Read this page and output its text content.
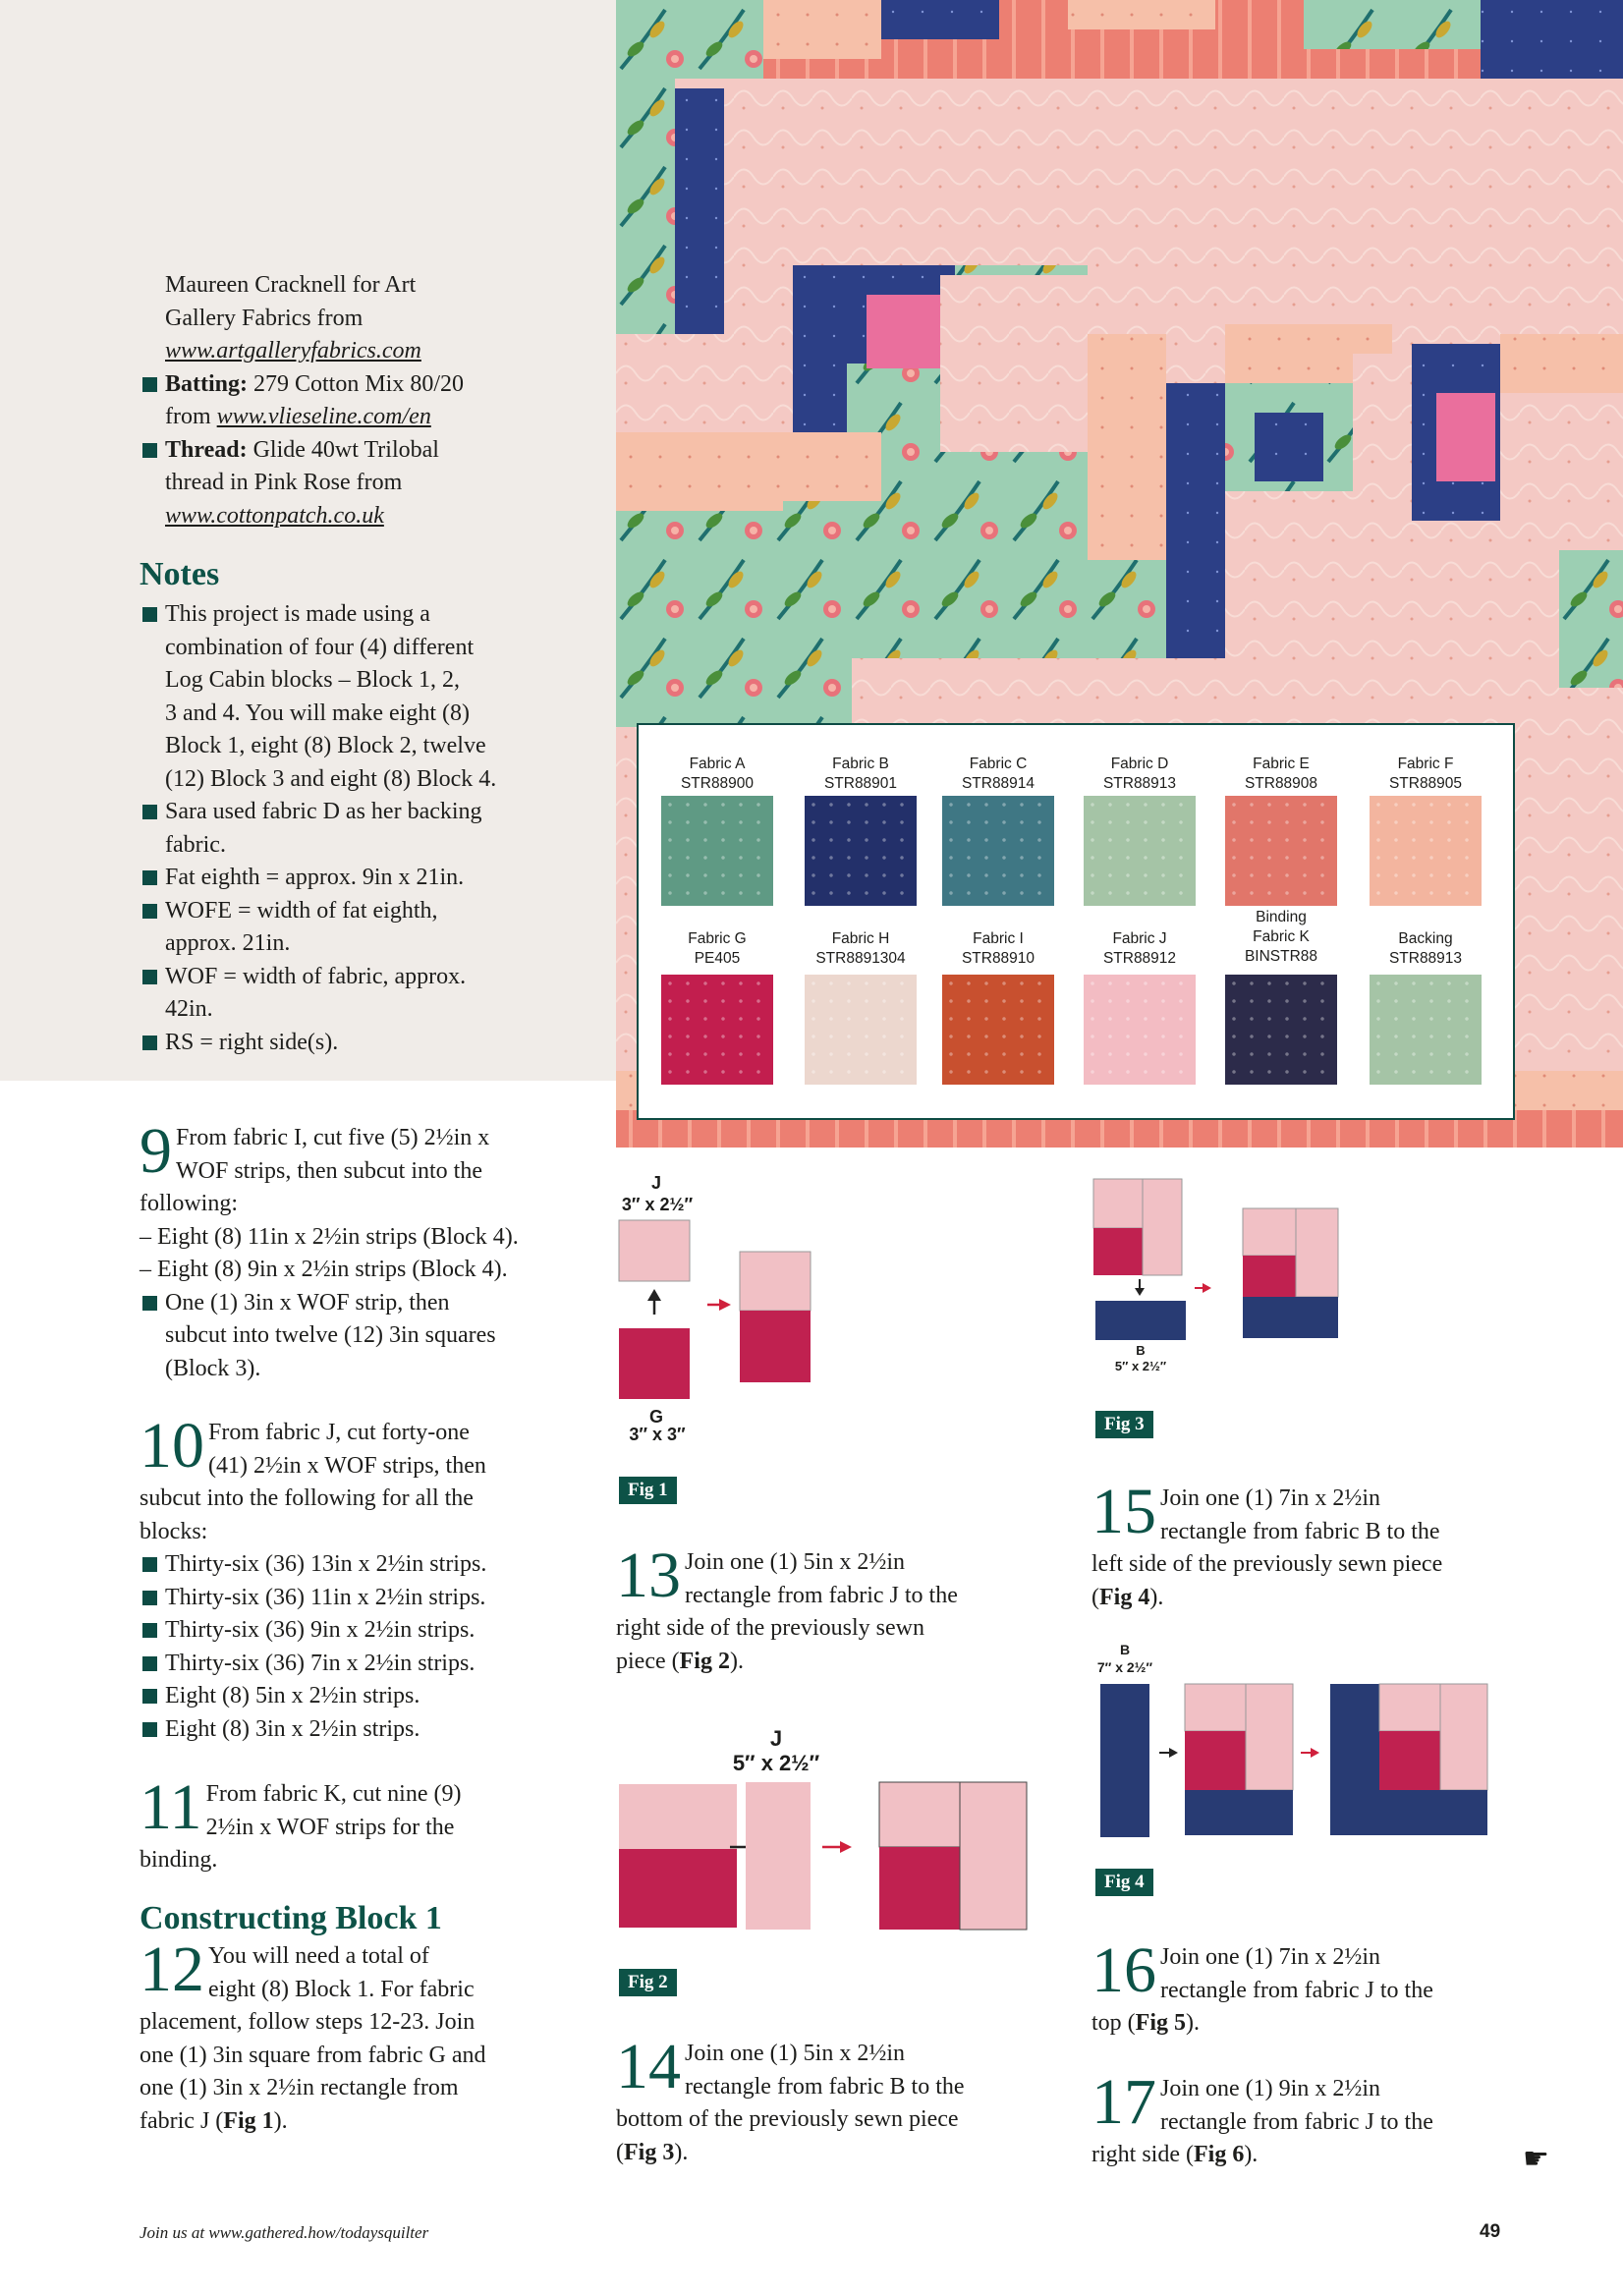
Maureen Cracknell for Art
Gallery Fabrics from
www.artgalleryfabrics.com
Batting: 279 Cotton Mix 80/20
from www.vlieseline.com/en
Thread: Glide 40wt Trilobal
thread in Pink Rose from
www.cottonpatch.co.uk
Notes
This project is made using a
combination of four (4) different
Log Cabin blocks – Block 1, 2,
3 and 4. You will make eight (8)
Block 1, eight (8) Block 2, twelve
(12) Block 3 and eight (8) Block 4.
Sara used fabric D as her backing
fabric.
Fat eighth = approx. 9in x 21in.
WOFE = width of fat eighth,
approx. 21in.
WOF = width of fabric, approx.
42in.
RS = right side(s).
Fabric A
STR88900
Fabric B
STR88901
Fabric C
STR88914
Fabric D
STR88913
Fabric E
STR88908
Fabric F
STR88905
Fabric G
PE405
Fabric H
STR8891304
Fabric I
STR88910
Fabric J
STR88912
Binding
Fabric K
BINSTR88
Backing
STR88913
9 From fabric I, cut five (5) 2½in x
WOF strips, then subcut into the
following:
– Eight (8) 11in x 2½in strips (Block 4).
– Eight (8) 9in x 2½in strips (Block 4).
One (1) 3in x WOF strip, then
subcut into twelve (12) 3in squares
(Block 3).
10 From fabric J, cut forty-one
(41) 2½in x WOF strips, then
subcut into the following for all the
blocks:
Thirty-six (36) 13in x 2½in strips.
Thirty-six (36) 11in x 2½in strips.
Thirty-six (36) 9in x 2½in strips.
Thirty-six (36) 7in x 2½in strips.
Eight (8) 5in x 2½in strips.
Eight (8) 3in x 2½in strips.
11 From fabric K, cut nine (9)
2½in x WOF strips for the
binding.
Constructing Block 1
12 You will need a total of
eight (8) Block 1. For fabric
placement, follow steps 12-23. Join
one (1) 3in square from fabric G and
one (1) 3in x 2½in rectangle from
fabric J (Fig 1).
13 Join one (1) 5in x 2½in
rectangle from fabric J to the
right side of the previously sewn
piece (Fig 2).
14 Join one (1) 5in x 2½in
rectangle from fabric B to the
bottom of the previously sewn piece
(Fig 3).
15 Join one (1) 7in x 2½in
rectangle from fabric B to the
left side of the previously sewn piece
(Fig 4).
16 Join one (1) 7in x 2½in
rectangle from fabric J to the
top (Fig 5).
17 Join one (1) 9in x 2½in
rectangle from fabric J to the
right side (Fig 6).	☛
J
3″ x 2½″
G
3″ x 3″
Fig 1
J
5″ x 2½″
Fig 2
B
5″ x 2½″
Fig 3
B
7″ x 2½″
Fig 4
Join us at www.gathered.how/todaysquilter	49
